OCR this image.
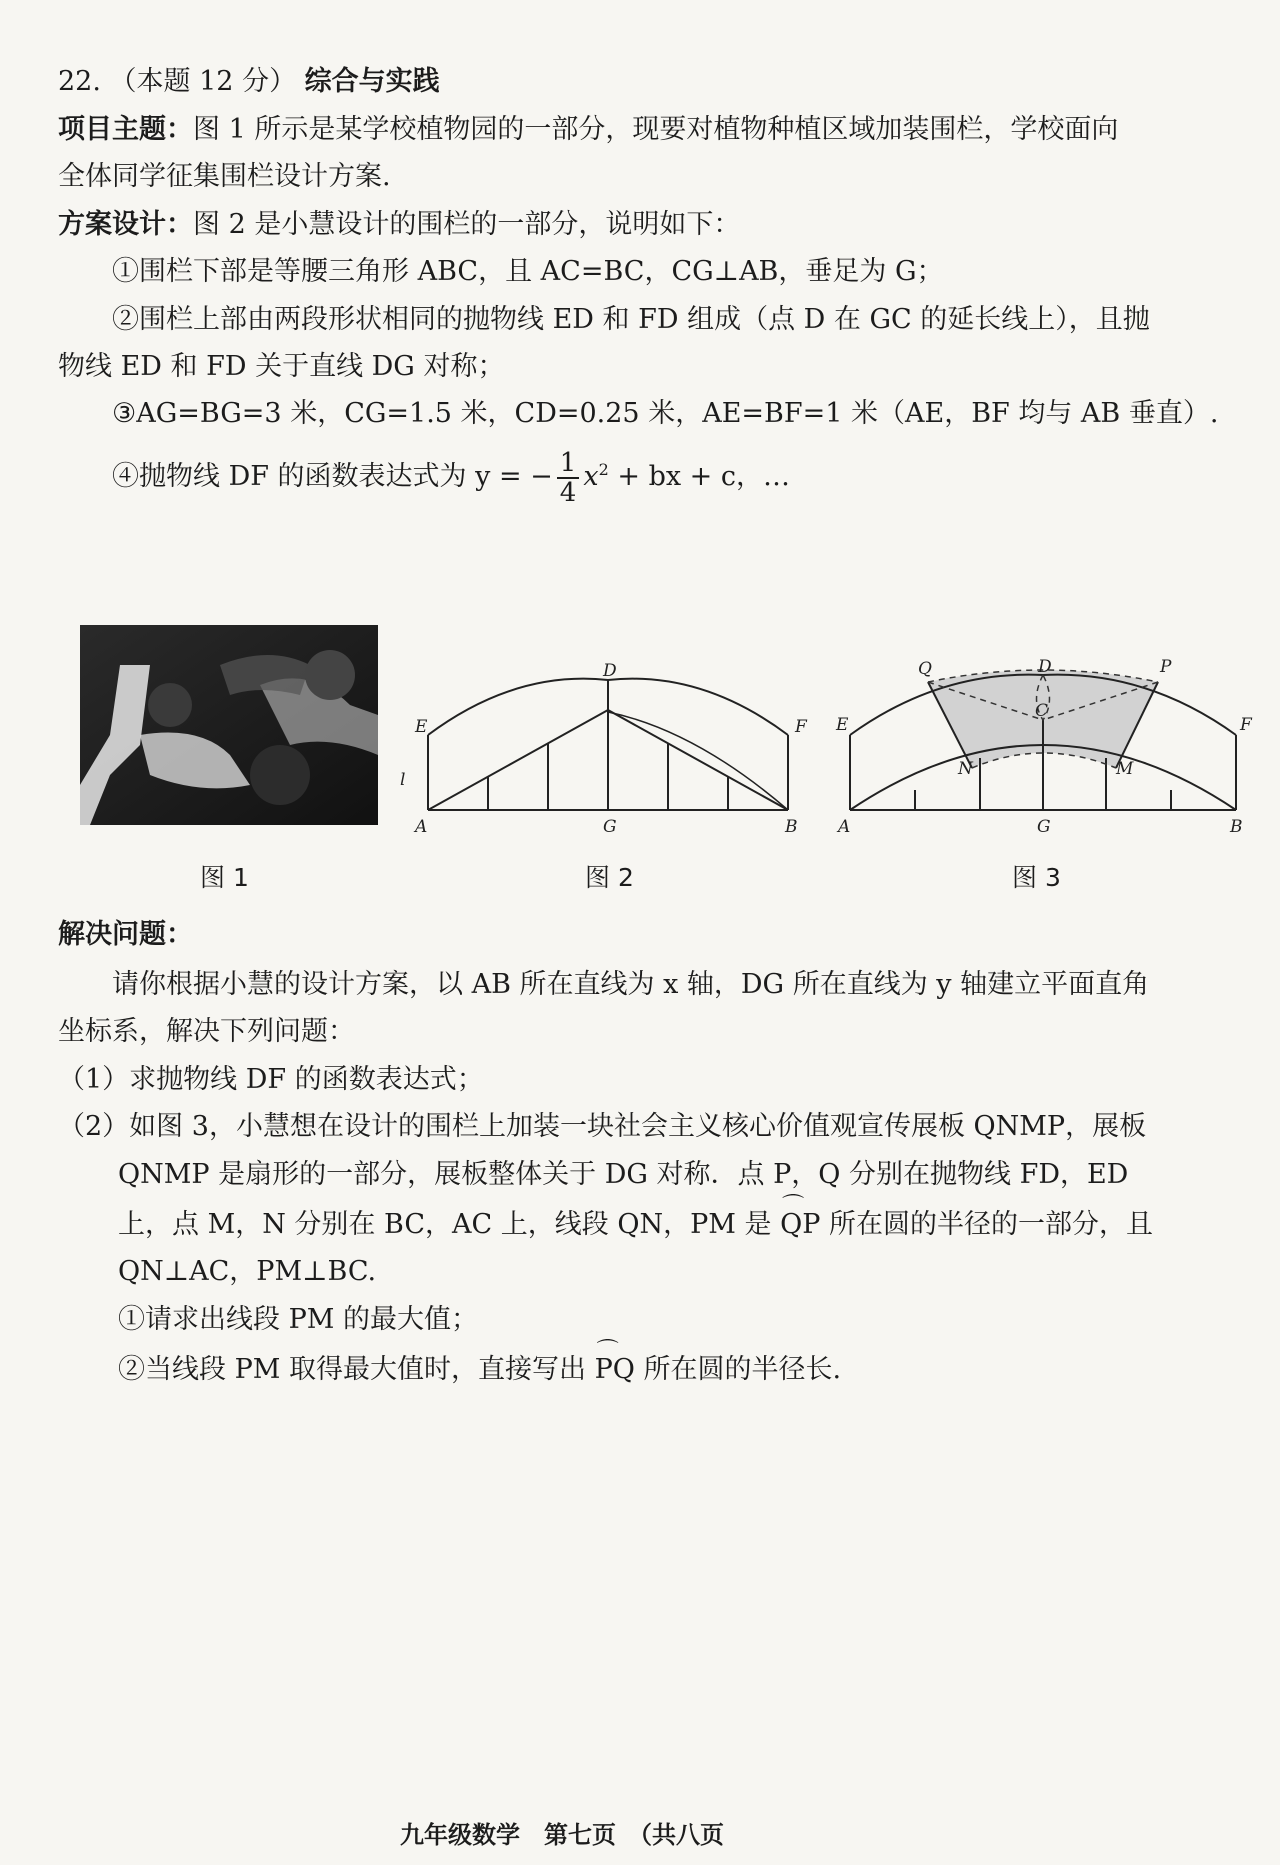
22. （本题 12 分） 综合与实践
项目主题：图 1 所示是某学校植物园的一部分，现要对植物种植区域加装围栏，学校面向
全体同学征集围栏设计方案.
方案设计：图 2 是小慧设计的围栏的一部分，说明如下：
①围栏下部是等腰三角形 ABC，且 AC=BC，CG⊥AB，垂足为 G；
②围栏上部由两段形状相同的抛物线 ED 和 FD 组成（点 D 在 GC 的延长线上），且抛
物线 ED 和 FD 关于直线 DG 对称；
③AG=BG=3 米，CG=1.5 米，CD=0.25 米，AE=BF=1 米（AE，BF 均与 AB 垂直）.
④抛物线 DF 的函数表达式为 y = − $\frac{1}{4} x^2$ + bx + c，…
图 1
D
E	F
A	G	B
l
图 2
Q	D	P
E	F
C
N	M
A	G	B
图 3
解决问题：
请你根据小慧的设计方案，以 AB 所在直线为 x 轴，DG 所在直线为 y 轴建立平面直角
坐标系，解决下列问题：
（1）求抛物线 DF 的函数表达式；
（2）如图 3，小慧想在设计的围栏上加装一块社会主义核心价值观宣传展板 QNMP，展板
QNMP 是扇形的一部分，展板整体关于 DG 对称．点 P，Q 分别在抛物线 FD，ED
上，点 M，N 分别在 BC，AC 上，线段 QN，PM 是 ⌒ QP 所在圆的半径的一部分，且
QN⊥AC，PM⊥BC.
①请求出线段 PM 的最大值；
②当线段 PM 取得最大值时，直接写出 ⌒ PQ 所在圆的半径长.
九年级数学　第七页　（共八页
